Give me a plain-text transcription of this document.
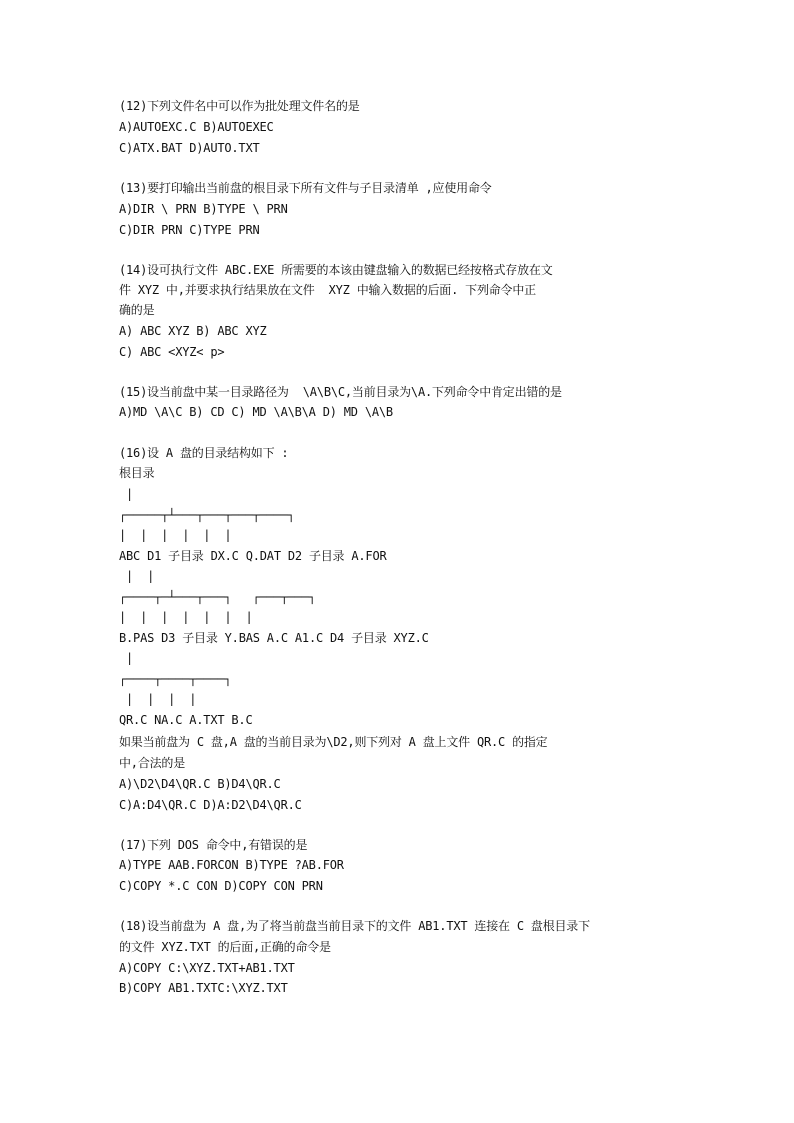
(12)下列文件名中可以作为批处理文件名的是
A)AUTOEXC.C B)AUTOEXEC
C)ATX.BAT D)AUTO.TXT
(13)要打印输出当前盘的根目录下所有文件与子目录清单 ,应使用命令
A)DIR \ PRN B)TYPE \ PRN
C)DIR PRN C)TYPE PRN
(14)设可执行文件 ABC.EXE 所需要的本该由键盘输入的数据已经按格式存放在文
件 XYZ 中,并要求执行结果放在文件  XYZ 中输入数据的后面. 下列命令中正
确的是
A) ABC XYZ B) ABC XYZ
C) ABC <XYZ< p>
(15)设当前盘中某一目录路径为  \A\B\C,当前目录为\A.下列命令中肯定出错的是
A)MD \A\C B) CD C) MD \A\B\A D) MD \A\B
(16)设 A 盘的目录结构如下 :
根目录
|
┌─────┬┴───┬───┬───┬────┐
|  |  |  |  |  |
ABC D1 子目录 DX.C Q.DAT D2 子目录 A.FOR
|  |
┌────┬─┴───┬───┐   ┌───┬───┐
|  |  |  |  |  |  |
B.PAS D3 子目录 Y.BAS A.C A1.C D4 子目录 XYZ.C
|
┌────┬────┬────┐
|  |  |  |
QR.C NA.C A.TXT B.C
如果当前盘为 C 盘,A 盘的当前目录为\D2,则下列对 A 盘上文件 QR.C 的指定
中,合法的是
A)\D2\D4\QR.C B)D4\QR.C
C)A:D4\QR.C D)A:D2\D4\QR.C
(17)下列 DOS 命令中,有错误的是
A)TYPE AAB.FORCON B)TYPE ?AB.FOR
C)COPY *.C CON D)COPY CON PRN
(18)设当前盘为 A 盘,为了将当前盘当前目录下的文件 AB1.TXT 连接在 C 盘根目录下
的文件 XYZ.TXT 的后面,正确的命令是
A)COPY C:\XYZ.TXT+AB1.TXT
B)COPY AB1.TXTC:\XYZ.TXT
